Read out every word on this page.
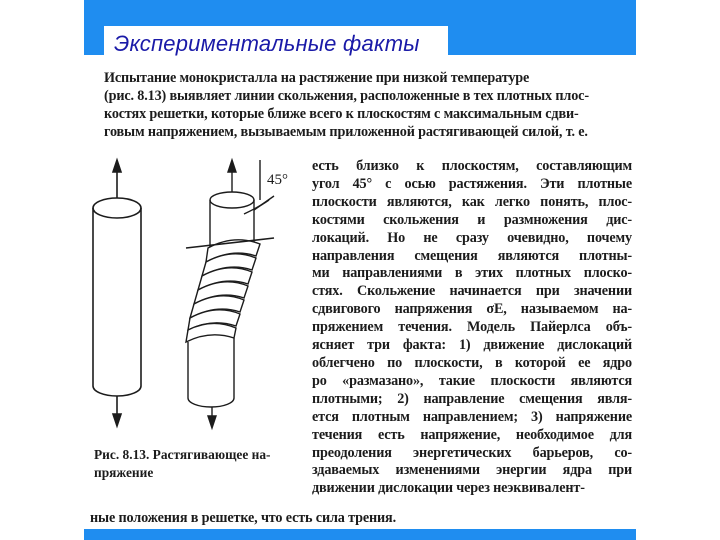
Экспериментальные факты
Испытание монокристалла на растяжение при низкой температуре
(рис. 8.13) выявляет линии скольжения, расположенные в тех плотных плос-
костях решетки, которые ближе всего к плоскостям с максимальным сдви-
говым напряжением, вызываемым приложенной растягивающей силой, т. е.
45°
Рис. 8.13. Растягивающее на-
пряжение
есть близко к плоскостям, составляющим
угол 45° с осью растяжения. Эти плотные
плоскости являются, как легко понять, плос-
костями скольжения и размножения дис-
локаций. Но не сразу очевидно, почему
направления смещения являются плотны-
ми направлениями в этих плотных плоско-
стях. Скольжение начинается при значении
сдвигового напряжения σE, называемом на-
пряжением течения. Модель Пайерлса объ-
ясняет три факта: 1) движение дислокаций
облегчено по плоскости, в которой ее ядро
ро «размазано», такие плоскости являются
плотными; 2) направление смещения явля-
ется плотным направлением; 3) напряжение
течения есть напряжение, необходимое для
преодоления энергетических барьеров, со-
здаваемых изменениями энергии ядра при
движении дислокации через неэквивалент-
ные положения в решетке, что есть сила трения.
